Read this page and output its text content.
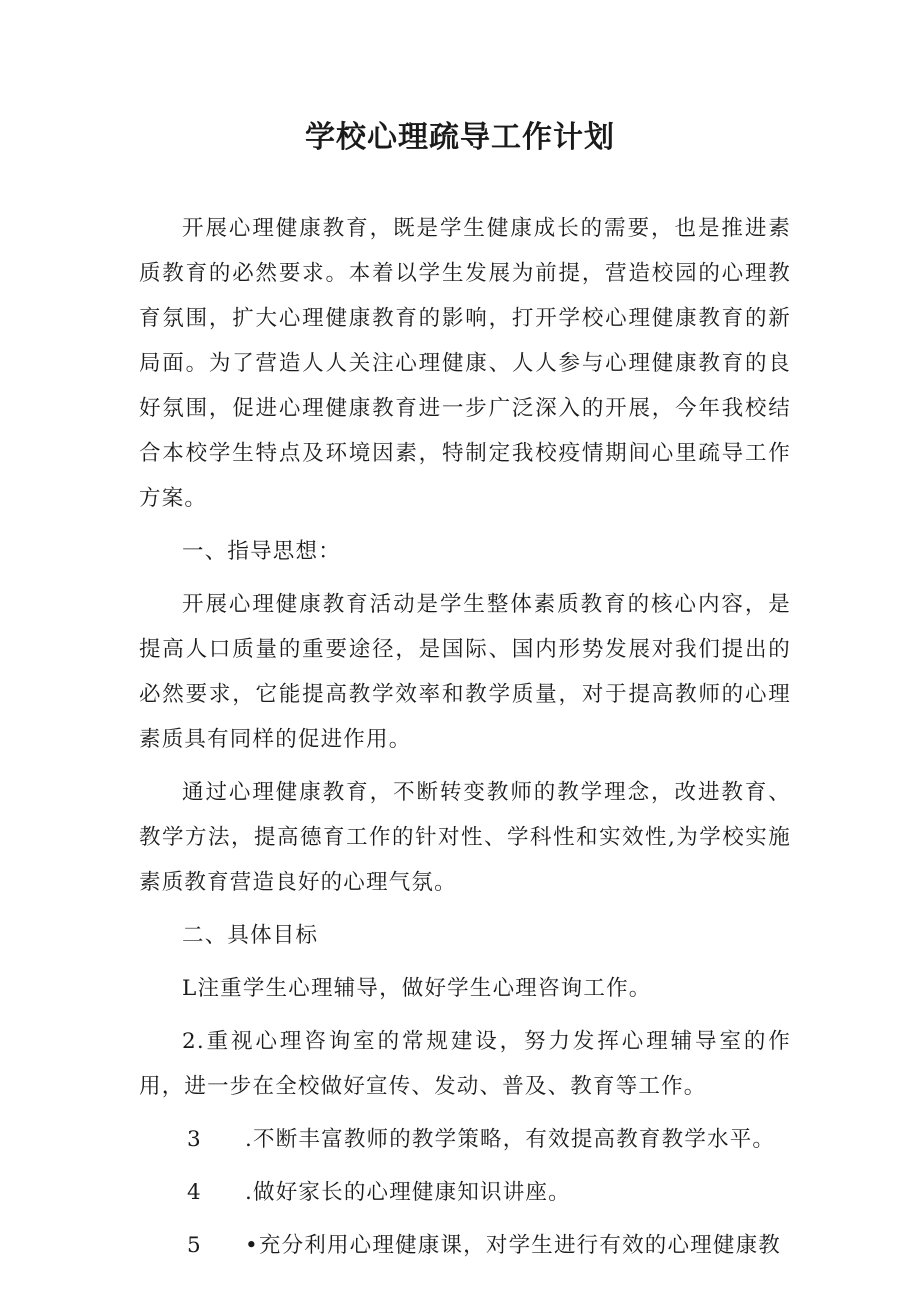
学校心理疏导工作计划

开展心理健康教育，既是学生健康成长的需要，也是推进素质教育的必然要求。本着以学生发展为前提，营造校园的心理教育氛围，扩大心理健康教育的影响，打开学校心理健康教育的新局面。为了营造人人关注心理健康、人人参与心理健康教育的良好氛围，促进心理健康教育进一步广泛深入的开展，今年我校结合本校学生特点及环境因素，特制定我校疫情期间心里疏导工作方案。

一、指导思想：

开展心理健康教育活动是学生整体素质教育的核心内容，是提高人口质量的重要途径，是国际、国内形势发展对我们提出的必然要求，它能提高教学效率和教学质量，对于提高教师的心理素质具有同样的促进作用。

通过心理健康教育，不断转变教师的教学理念，改进教育、教学方法，提高德育工作的针对性、学科性和实效性,为学校实施素质教育营造良好的心理气氛。

二、具体目标

L注重学生心理辅导，做好学生心理咨询工作。

2.重视心理咨询室的常规建设，努力发挥心理辅导室的作用，进一步在全校做好宣传、发动、普及、教育等工作。

3 .不断丰富教师的教学策略，有效提高教育教学水平。

4 .做好家长的心理健康知识讲座。

5 •充分利用心理健康课，对学生进行有效的心理健康教
